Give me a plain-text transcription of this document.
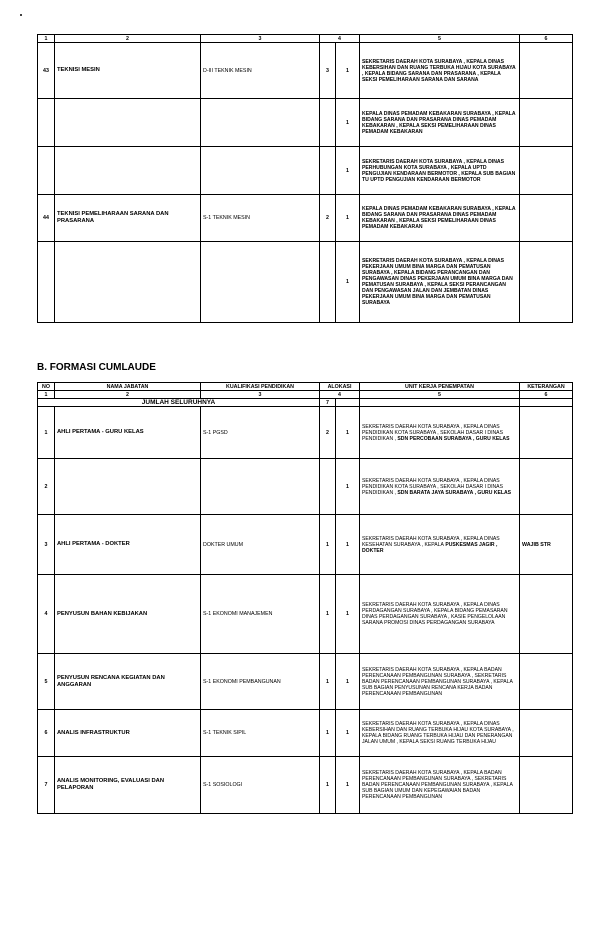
1	2	3	4		5	6
43	TEKNISI MESIN	D-III TEKNIK MESIN	3	1	SEKRETARIS DAERAH KOTA SURABAYA , KEPALA DINAS KEBERSIHAN DAN RUANG TERBUKA HIJAU KOTA SURABAYA , KEPALA BIDANG SARANA DAN PRASARANA , KEPALA SEKSI PEMELIHARAAN SARANA DAN SARANA	
				1	KEPALA DINAS PEMADAM KEBAKARAN SURABAYA , KEPALA BIDANG SARANA DAN PRASARANA DINAS PEMADAM KEBAKARAN , KEPALA SEKSI PEMELIHARAAN DINAS PEMADAM KEBAKARAN	
				1	SEKRETARIS DAERAH KOTA SURABAYA , KEPALA DINAS PERHUBUNGAN KOTA SURABAYA , KEPALA UPTD PENGUJIAN KENDARAAN BERMOTOR , KEPALA SUB BAGIAN TU UPTD PENGUJIAN KENDARAAN BERMOTOR	
44	TEKNISI PEMELIHARAAN SARANA DAN PRASARANA	S-1 TEKNIK MESIN	2	1	KEPALA DINAS PEMADAM KEBAKARAN SURABAYA , KEPALA BIDANG SARANA DAN PRASARANA DINAS PEMADAM KEBAKARAN , KEPALA SEKSI PEMELIHARAAN DINAS PEMADAM KEBAKARAN	
				1	SEKRETARIS DAERAH KOTA SURABAYA , KEPALA DINAS PEKERJAAN UMUM BINA MARGA DAN PEMATUSAN SURABAYA , KEPALA BIDANG PERANCANGAN DAN PENGAWASAN DINAS PEKERJAAN UMUM BINA MARGA DAN PEMATUSAN SURABAYA , KEPALA SEKSI PERANCANGAN DAN PENGAWASAN JALAN DAN JEMBATAN DINAS PEKERJAAN UMUM BINA MARGA DAN PEMATUSAN SURABAYA	
B. FORMASI CUMLAUDE
NO	NAMA JABATAN	KUALIFIKASI PENDIDIKAN	ALOKASI		UNIT KERJA PENEMPATAN	KETERANGAN
1	2	3	4		5	6
JUMLAH SELURUHNYA			7			
1	AHLI PERTAMA - GURU KELAS	S-1 PGSD	2	1	SEKRETARIS DAERAH KOTA SURABAYA , KEPALA DINAS PENDIDIKAN KOTA SURABAYA , SEKOLAH DASAR I DINAS PENDIDIKAN , SDN PERCOBAAN SURABAYA , GURU KELAS	
2				1	SEKRETARIS DAERAH KOTA SURABAYA , KEPALA DINAS PENDIDIKAN KOTA SURABAYA , SEKOLAH DASAR I DINAS PENDIDIKAN , SDN BARATA JAYA SURABAYA , GURU KELAS	
3	AHLI PERTAMA - DOKTER	DOKTER UMUM	1	1	SEKRETARIS DAERAH KOTA SURABAYA , KEPALA DINAS KESEHATAN SURABAYA , KEPALA PUSKESMAS JAGIR , DOKTER	WAJIB STR
4	PENYUSUN BAHAN KEBIJAKAN	S-1 EKONOMI MANAJEMEN	1	1	SEKRETARIS DAERAH KOTA SURABAYA , KEPALA DINAS PERDAGANGAN SURABAYA , KEPALA BIDANG PEMASARAN DINAS PERDAGANGAN SURABAYA , KASIE PENGELOLAAN SARANA PROMOSI DINAS PERDAGANGAN SURABAYA	
5	PENYUSUN RENCANA KEGIATAN DAN ANGGARAN	S-1 EKONOMI PEMBANGUNAN	1	1	SEKRETARIS DAERAH KOTA SURABAYA , KEPALA BADAN PERENCANAAN PEMBANGUNAN SURABAYA , SEKRETARIS BADAN PERENCANAAN PEMBANGUNAN SURABAYA , KEPALA SUB BAGIAN PENYUSUNAN RENCANA KERJA BADAN PERENCANAAN PEMBANGUNAN	
6	ANALIS INFRASTRUKTUR	S-1 TEKNIK SIPIL	1	1	SEKRETARIS DAERAH KOTA SURABAYA , KEPALA DINAS KEBERSIHAN DAN RUANG TERBUKA HIJAU KOTA SURABAYA , KEPALA BIDANG RUANG TERBUKA HIJAU DAN PENERANGAN JALAN UMUM , KEPALA SEKSI RUANG TERBUKA HIJAU	
7	ANALIS MONITORING, EVALUASI DAN PELAPORAN	S-1 SOSIOLOGI	1	1	SEKRETARIS DAERAH KOTA SURABAYA , KEPALA BADAN PERENCANAAN PEMBANGUNAN SURABAYA , SEKRETARIS BADAN PERENCANAAN PEMBANGUNAN SURABAYA , KEPALA SUB BAGIAN UMUM DAN KEPEGAWAIAN BADAN PERENCANAAN PEMBANGUNAN	
